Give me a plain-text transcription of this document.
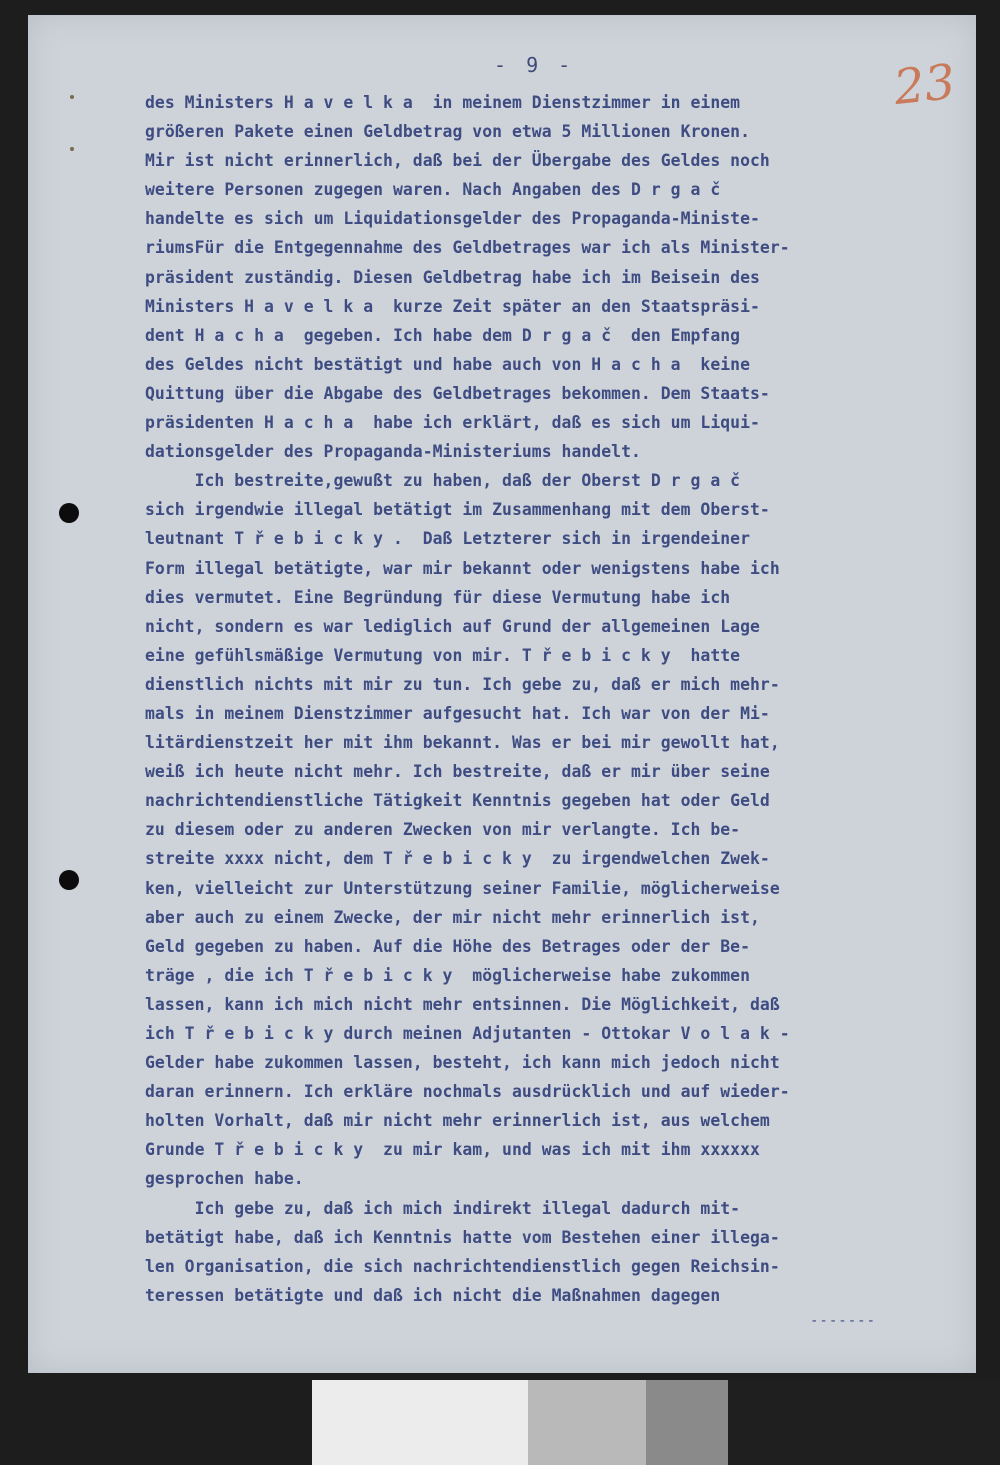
- 9 -	23
-------
des Ministers H a v e l k a  in meinem Dienstzimmer in einem
größeren Pakete einen Geldbetrag von etwa 5 Millionen Kronen.
Mir ist nicht erinnerlich, daß bei der Übergabe des Geldes noch
weitere Personen zugegen waren. Nach Angaben des D r g a č
handelte es sich um Liquidationsgelder des Propaganda-Ministe-
riumsFür die Entgegennahme des Geldbetrages war ich als Minister-
präsident zuständig. Diesen Geldbetrag habe ich im Beisein des
Ministers H a v e l k a  kurze Zeit später an den Staatspräsi-
dent H a c h a  gegeben. Ich habe dem D r g a č  den Empfang
des Geldes nicht bestätigt und habe auch von H a c h a  keine
Quittung über die Abgabe des Geldbetrages bekommen. Dem Staats-
präsidenten H a c h a  habe ich erklärt, daß es sich um Liqui-
dationsgelder des Propaganda-Ministeriums handelt.
Ich bestreite,gewußt zu haben, daß der Oberst D r g a č
sich irgendwie illegal betätigt im Zusammenhang mit dem Oberst-
leutnant T ř e b i c k y .  Daß Letzterer sich in irgendeiner
Form illegal betätigte, war mir bekannt oder wenigstens habe ich
dies vermutet. Eine Begründung für diese Vermutung habe ich
nicht, sondern es war lediglich auf Grund der allgemeinen Lage
eine gefühlsmäßige Vermutung von mir. T ř e b i c k y  hatte
dienstlich nichts mit mir zu tun. Ich gebe zu, daß er mich mehr-
mals in meinem Dienstzimmer aufgesucht hat. Ich war von der Mi-
litärdienstzeit her mit ihm bekannt. Was er bei mir gewollt hat,
weiß ich heute nicht mehr. Ich bestreite, daß er mir über seine
nachrichtendienstliche Tätigkeit Kenntnis gegeben hat oder Geld
zu diesem oder zu anderen Zwecken von mir verlangte. Ich be-
streite xxxx nicht, dem T ř e b i c k y  zu irgendwelchen Zwek-
ken, vielleicht zur Unterstützung seiner Familie, möglicherweise
aber auch zu einem Zwecke, der mir nicht mehr erinnerlich ist,
Geld gegeben zu haben. Auf die Höhe des Betrages oder der Be-
träge , die ich T ř e b i c k y  möglicherweise habe zukommen
lassen, kann ich mich nicht mehr entsinnen. Die Möglichkeit, daß
ich T ř e b i c k y durch meinen Adjutanten - Ottokar V o l a k -
Gelder habe zukommen lassen, besteht, ich kann mich jedoch nicht
daran erinnern. Ich erkläre nochmals ausdrücklich und auf wieder-
holten Vorhalt, daß mir nicht mehr erinnerlich ist, aus welchem
Grunde T ř e b i c k y  zu mir kam, und was ich mit ihm xxxxxx
gesprochen habe.
Ich gebe zu, daß ich mich indirekt illegal dadurch mit-
betätigt habe, daß ich Kenntnis hatte vom Bestehen einer illega-
len Organisation, die sich nachrichtendienstlich gegen Reichsin-
teressen betätigte und daß ich nicht die Maßnahmen dagegen
